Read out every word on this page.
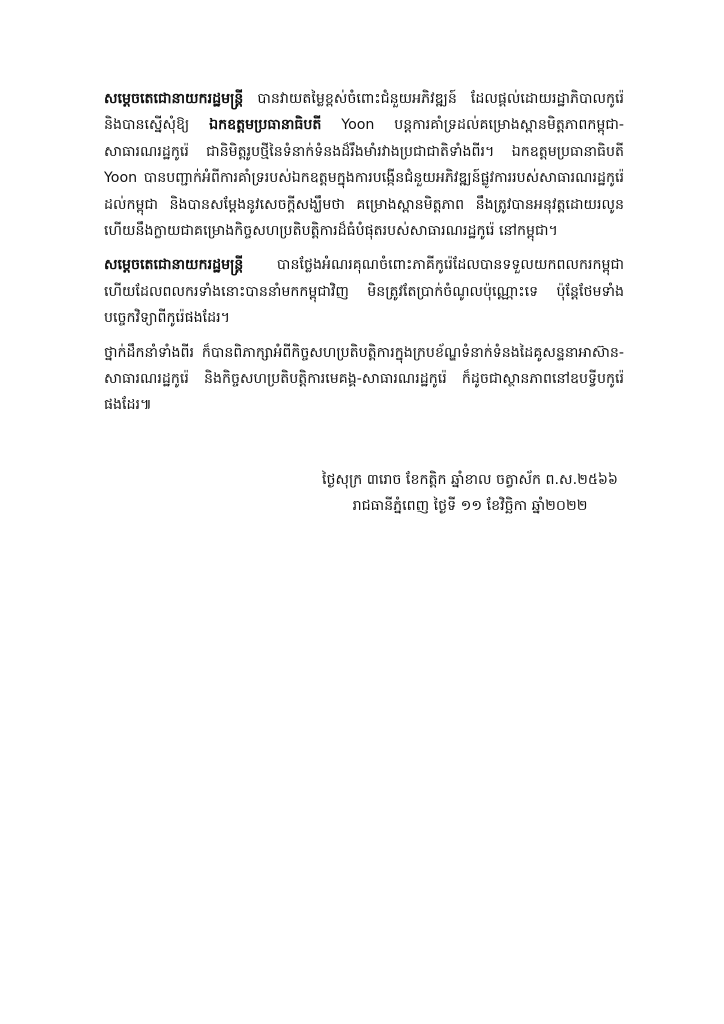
សម្ដេចតេជោនាយករដ្ឋមន្ត្រី បានវាយតម្លៃខ្ពស់ចំពោះជំនួយអភិវឌ្ឍន៍ ដែលផ្ដល់ដោយរដ្ឋាភិបាលកូរ៉េ និងបានស្នើសុំឱ្យ ឯកឧត្តមប្រធានាធិបតី Yoon បន្តការគាំទ្រដល់គម្រោងស្ពានមិត្តភាពកម្ពុជា-សាធារណរដ្ឋកូរ៉េ ជានិមិត្តរូបថ្មីនៃទំនាក់ទំនងដ៏រឹងមាំរវាងប្រជាជាតិទាំងពីរ។ ឯកឧត្តមប្រធានាធិបតី Yoon បានបញ្ជាក់អំពីការគាំទ្ររបស់ឯកឧត្តមក្នុងការបង្កើនជំនួយអភិវឌ្ឍន៍ផ្លូវការរបស់សាធារណរដ្ឋកូរ៉េដល់កម្ពុជា និងបានសម្ដែងនូវសេចក្ដីសង្ឃឹមថា គម្រោងស្ពានមិត្តភាព នឹងត្រូវបានអនុវត្តដោយរលូន ហើយនឹងក្លាយជាគម្រោងកិច្ចសហប្រតិបត្តិការដ៏ធំបំផុតរបស់សាធារណរដ្ឋកូរ៉េ នៅកម្ពុជា។

សម្ដេចតេជោនាយករដ្ឋមន្ត្រី បានថ្លែងអំណរគុណចំពោះភាគីកូរ៉េដែលបានទទួលយកពលករកម្ពុជា ហើយដែលពលករទាំងនោះបាននាំមកកម្ពុជាវិញ មិនត្រូវតែប្រាក់ចំណូលប៉ុណ្ណោះទេ ប៉ុន្តែថែមទាំងបច្ចេកវិទ្យាពីកូរ៉េផងដែរ។

ថ្នាក់ដឹកនាំទាំងពីរ ក៏បានពិភាក្សាអំពីកិច្ចសហប្រតិបត្តិការក្នុងក្របខ័ណ្ឌទំនាក់ទំនងដៃគូសន្ទនាអាស៊ាន-សាធារណរដ្ឋកូរ៉េ និងកិច្ចសហប្រតិបត្តិការមេគង្គ-សាធារណរដ្ឋកូរ៉េ ក៏ដូចជាស្ថានភាពនៅឧបទ្វីបកូរ៉េ ផងដែរ៕

ថ្ងៃសុក្រ ៣រោច ខែកត្តិក ឆ្នាំខាល ចត្វាស័ក ព.ស.២៥៦៦
រាជធានីភ្នំពេញ ថ្ងៃទី ១១ ខែវិច្ឆិកា ឆ្នាំ២០២២
